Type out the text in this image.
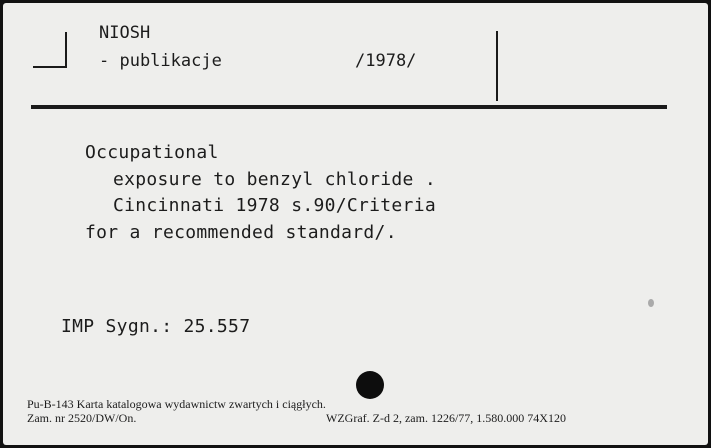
NIOSH
- publikacje	/1978/
Occupational
exposure to benzyl chloride .
Cincinnati 1978 s.90/Criteria
for a recommended standard/.
IMP Sygn.: 25.557
Pu-B-143 Karta katalogowa wydawnictw zwartych i ciągłych.
Zam. nr 2520/DW/On.	WZGraf. Z-d 2, zam. 1226/77, 1.580.000 74X120
